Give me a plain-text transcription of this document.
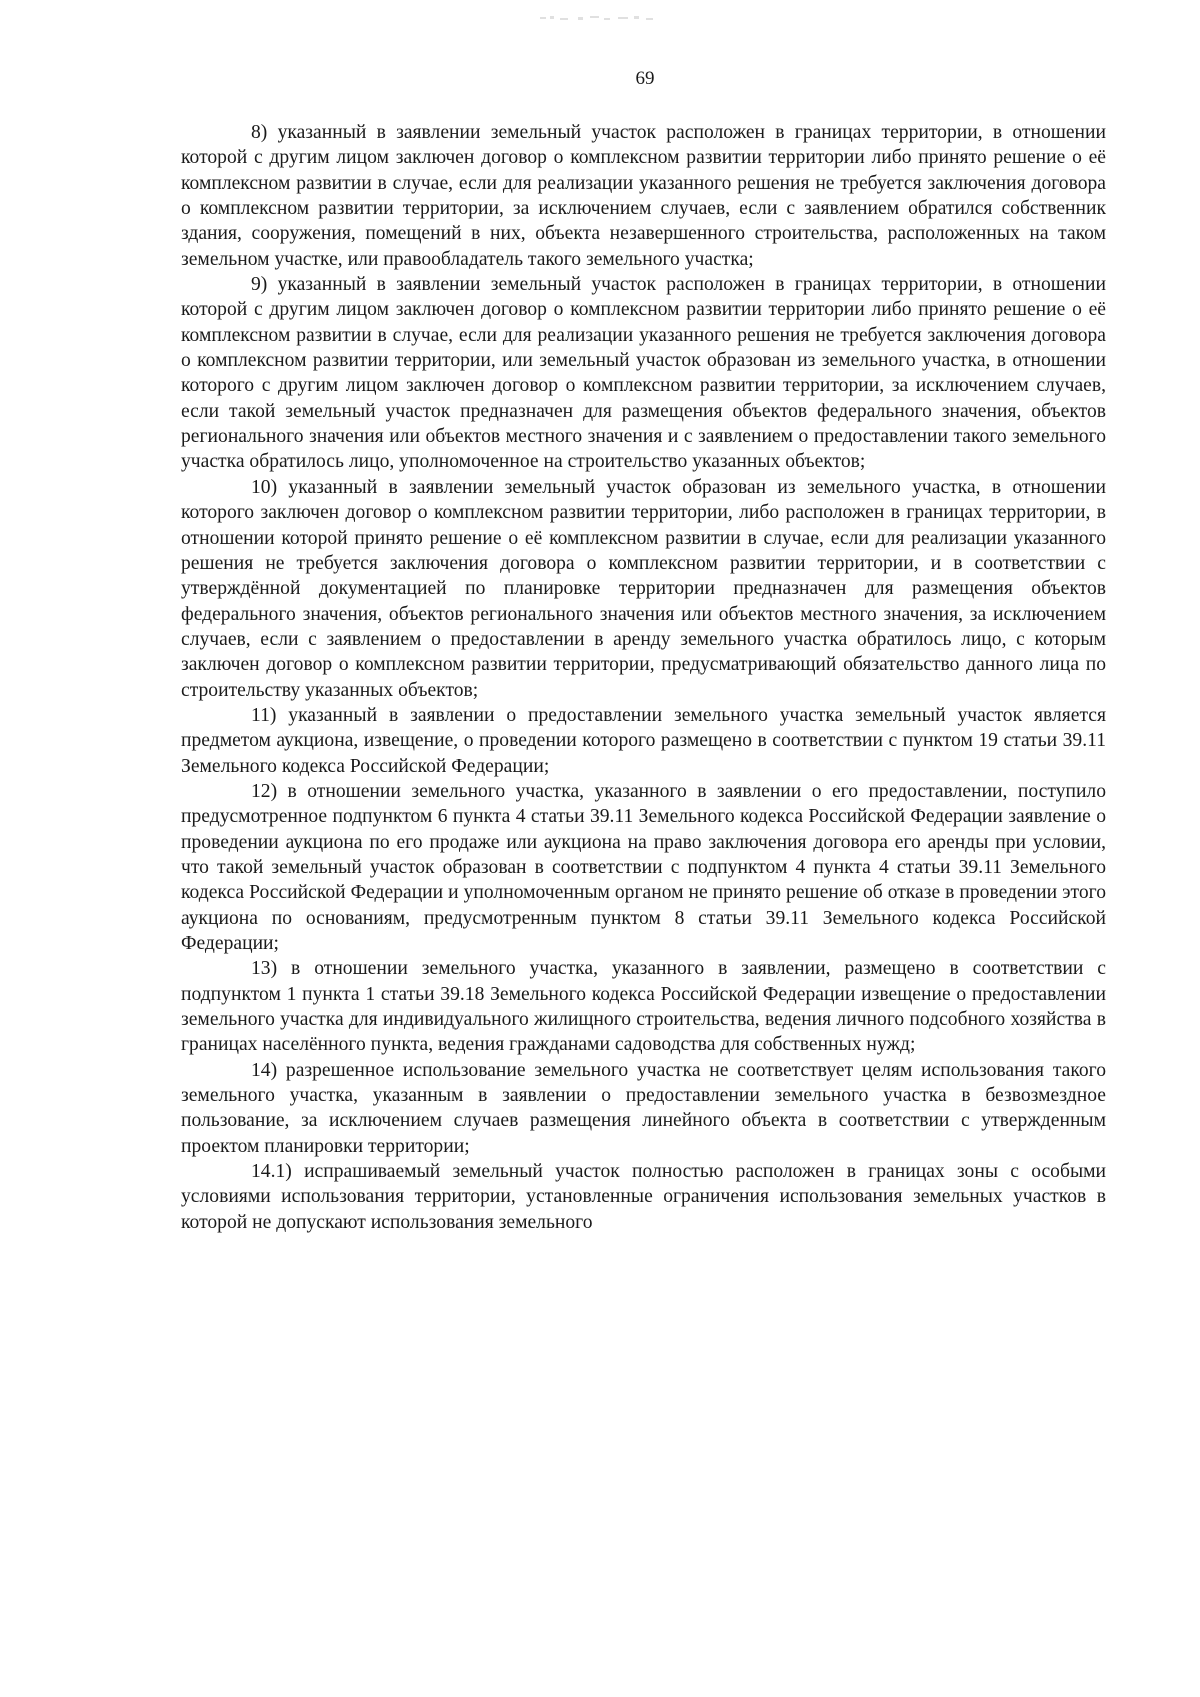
69

8) указанный в заявлении земельный участок расположен в границах территории, в отношении которой с другим лицом заключен договор о комплексном развитии территории либо принято решение о её комплексном развитии в случае, если для реализации указанного решения не требуется заключения договора о комплексном развитии территории, за исключением случаев, если с заявлением обратился собственник здания, сооружения, помещений в них, объекта незавершенного строительства, расположенных на таком земельном участке, или правообладатель такого земельного участка;

9) указанный в заявлении земельный участок расположен в границах территории, в отношении которой с другим лицом заключен договор о комплексном развитии территории либо принято решение о её комплексном развитии в случае, если для реализации указанного решения не требуется заключения договора о комплексном развитии территории, или земельный участок образован из земельного участка, в отношении которого с другим лицом заключен договор о комплексном развитии территории, за исключением случаев, если такой земельный участок предназначен для размещения объектов федерального значения, объектов регионального значения или объектов местного значения и с заявлением о предоставлении такого земельного участка обратилось лицо, уполномоченное на строительство указанных объектов;

10) указанный в заявлении земельный участок образован из земельного участка, в отношении которого заключен договор о комплексном развитии территории, либо расположен в границах территории, в отношении которой принято решение о её комплексном развитии в случае, если для реализации указанного решения не требуется заключения договора о комплексном развитии территории, и в соответствии с утверждённой документацией по планировке территории предназначен для размещения объектов федерального значения, объектов регионального значения или объектов местного значения, за исключением случаев, если с заявлением о предоставлении в аренду земельного участка обратилось лицо, с которым заключен договор о комплексном развитии территории, предусматривающий обязательство данного лица по строительству указанных объектов;

11) указанный в заявлении о предоставлении земельного участка земельный участок является предметом аукциона, извещение, о проведении которого размещено в соответствии с пунктом 19 статьи 39.11 Земельного кодекса Российской Федерации;

12) в отношении земельного участка, указанного в заявлении о его предоставлении, поступило предусмотренное подпунктом 6 пункта 4 статьи 39.11 Земельного кодекса Российской Федерации заявление о проведении аукциона по его продаже или аукциона на право заключения договора его аренды при условии, что такой земельный участок образован в соответствии с подпунктом 4 пункта 4 статьи 39.11 Земельного кодекса Российской Федерации и уполномоченным органом не принято решение об отказе в проведении этого аукциона по основаниям, предусмотренным пунктом 8 статьи 39.11 Земельного кодекса Российской Федерации;

13) в отношении земельного участка, указанного в заявлении, размещено в соответствии с подпунктом 1 пункта 1 статьи 39.18 Земельного кодекса Российской Федерации извещение о предоставлении земельного участка для индивидуального жилищного строительства, ведения личного подсобного хозяйства в границах населённого пункта, ведения гражданами садоводства для собственных нужд;

14) разрешенное использование земельного участка не соответствует целям использования такого земельного участка, указанным в заявлении о предоставлении земельного участка в безвозмездное пользование, за исключением случаев размещения линейного объекта в соответствии с утвержденным проектом планировки территории;

14.1) испрашиваемый земельный участок полностью расположен в границах зоны с особыми условиями использования территории, установленные ограничения использования земельных участков в которой не допускают использования земельного
